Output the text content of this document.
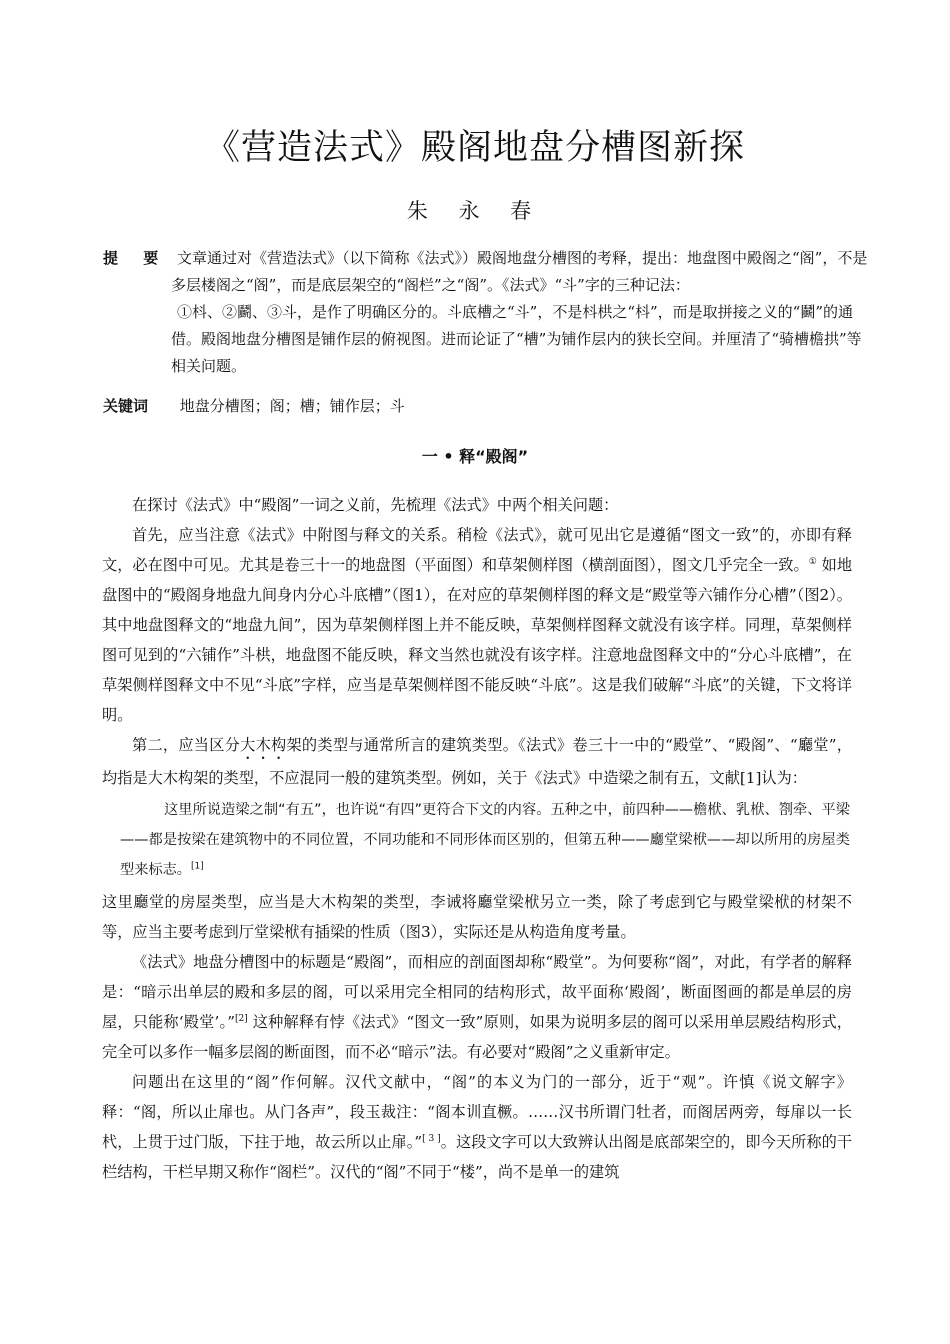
《营造法式》殿阁地盘分槽图新探
朱 永 春
提 要 文章通过对《营造法式》（以下简称《法式》）殿阁地盘分槽图的考释，提出：地盘图中殿阁之“阁”，不是多层楼阁之“阁”，而是底层架空的“阁栏”之“阁”。《法式》“斗”字的三种记法：
①枓、②鬬、③斗，是作了明确区分的。斗底槽之“斗”，不是枓栱之“枓”，而是取拼接之义的“鬬”的通借。殿阁地盘分槽图是铺作层的俯视图。进而论证了“槽”为铺作层内的狭长空间。并厘清了“骑槽檐拱”等相关问题。
关键词 地盘分槽图；阁；槽；铺作层；斗
一 • 释“殿阁”

在探讨《法式》中“殿阁”一词之义前，先梳理《法式》中两个相关问题：

首先，应当注意《法式》中附图与释文的关系。稍检《法式》，就可见出它是遵循“图文一致”的，亦即有释文，必在图中可见。尤其是卷三十一的地盘图（平面图）和草架侧样图（横剖面图），图文几乎完全一致。① 如地盘图中的“殿阁身地盘九间身内分心斗底槽”（图1），在对应的草架侧样图的释文是“殿堂等六铺作分心槽”（图2）。其中地盘图释文的“地盘九间”，因为草架侧样图上并不能反映，草架侧样图释文就没有该字样。同理，草架侧样图可见到的“六铺作”斗栱，地盘图不能反映，释文当然也就没有该字样。注意地盘图释文中的“分心斗底槽”，在草架侧样图释文中不见“斗底”字样，应当是草架侧样图不能反映“斗底”。这是我们破解“斗底”的关键，下文将详明。

第二，应当区分大木构架的类型与通常所言的建筑类型。《法式》卷三十一中的“殿堂”、“殿阁”、“廳堂”，均指是大木构架的类型，不应混同一般的建筑类型。例如，关于《法式》中造梁之制有五，文献[1]认为：

这里所说造梁之制“有五”，也许说“有四”更符合下文的内容。五种之中，前四种——檐栿、乳栿、劄牵、平梁——都是按梁在建筑物中的不同位置，不同功能和不同形体而区别的，但第五种——廳堂梁栿——却以所用的房屋类型来标志。[1]

这里廳堂的房屋类型，应当是大木构架的类型，李诫将廳堂梁栿另立一类，除了考虑到它与殿堂梁栿的材架不等，应当主要考虑到厅堂梁栿有插梁的性质（图3），实际还是从构造角度考量。

《法式》地盘分槽图中的标题是“殿阁”，而相应的剖面图却称“殿堂”。为何要称“阁”，对此，有学者的解释是：“暗示出单层的殿和多层的阁，可以采用完全相同的结构形式，故平面称‘殿阁’，断面图画的都是单层的房屋，只能称‘殿堂’。”[2] 这种解释有悖《法式》“图文一致”原则，如果为说明多层的阁可以采用单层殿结构形式，完全可以多作一幅多层阁的断面图，而不必“暗示”法。有必要对“殿阁”之义重新审定。

问题出在这里的“阁”作何解。汉代文献中，“阁”的本义为门的一部分，近于“观”。许慎《说文解字》释：“阁，所以止扉也。从门各声”，段玉裁注：“阁本训直橛。……汉书所谓门牡者，而阁居两旁，每扉以一长杙，上贯于过门版，下拄于地，故云所以止扉。”[ 3 ]。这段文字可以大致辨认出阁是底部架空的，即今天所称的干栏结构，干栏早期又称作“阁栏”。汉代的“阁”不同于“楼”，尚不是单一的建筑
